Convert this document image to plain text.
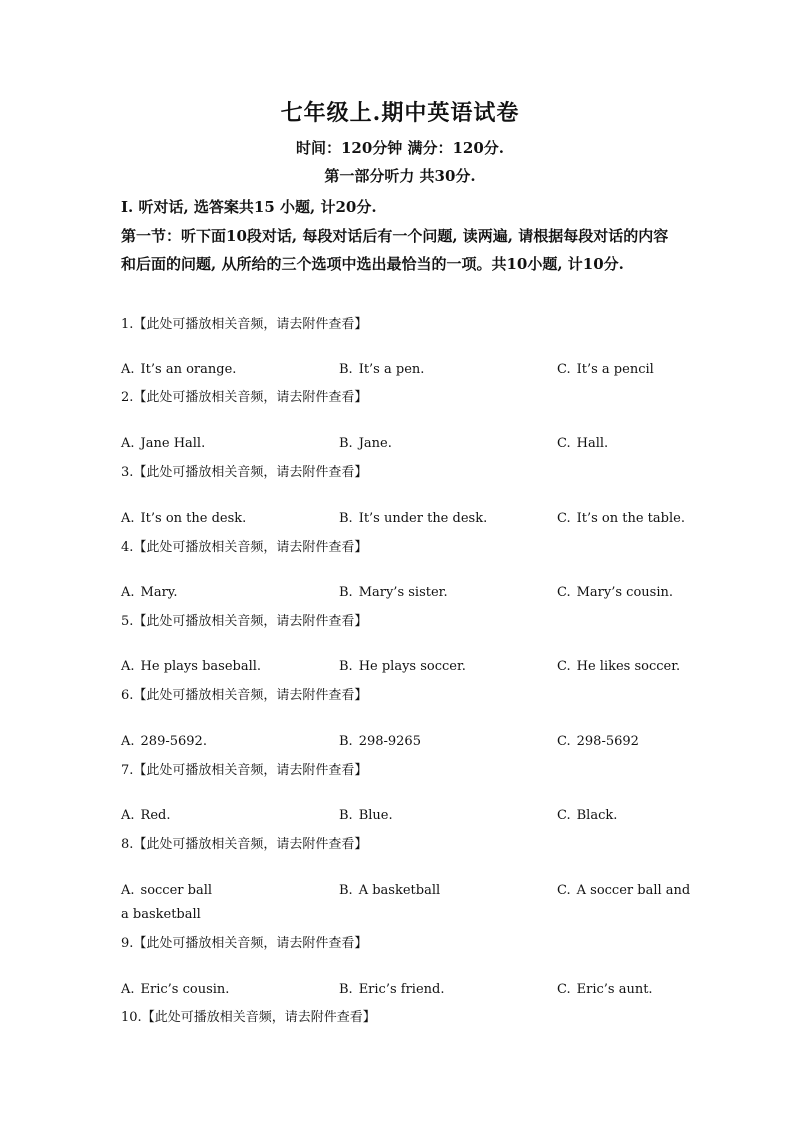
七年级上.期中英语试卷
时间：120分钟 满分：120分.
第一部分听力 共30分.
I. 听对话, 选答案共15 小题, 计20分.

第一节：听下面10段对话, 每段对话后有一个问题, 读两遍, 请根据每段对话的内容和后面的问题, 从所给的三个选项中选出最恰当的一项。共10小题, 计10分.

1.【此处可播放相关音频，请去附件查看】
A. It’s an orange.	B. It’s a pen.	C. It’s a pencil
2.【此处可播放相关音频，请去附件查看】
A. Jane Hall.	B. Jane.	C. Hall.
3.【此处可播放相关音频，请去附件查看】
A. It’s on the desk.	B. It’s under the desk.	C. It’s on the table.
4.【此处可播放相关音频，请去附件查看】
A. Mary.	B. Mary’s sister.	C. Mary’s cousin.
5.【此处可播放相关音频，请去附件查看】
A. He plays baseball.	B. He plays soccer.	C. He likes soccer.
6.【此处可播放相关音频，请去附件查看】
A. 289-5692.	B. 298-9265	C. 298-5692
7.【此处可播放相关音频，请去附件查看】
A. Red.	B. Blue.	C. Black.
8.【此处可播放相关音频，请去附件查看】
A. soccer ball	B. A basketball	C. A soccer ball and
a basketball
9.【此处可播放相关音频，请去附件查看】
A. Eric’s cousin.	B. Eric’s friend.	C. Eric’s aunt.
10.【此处可播放相关音频，请去附件查看】
